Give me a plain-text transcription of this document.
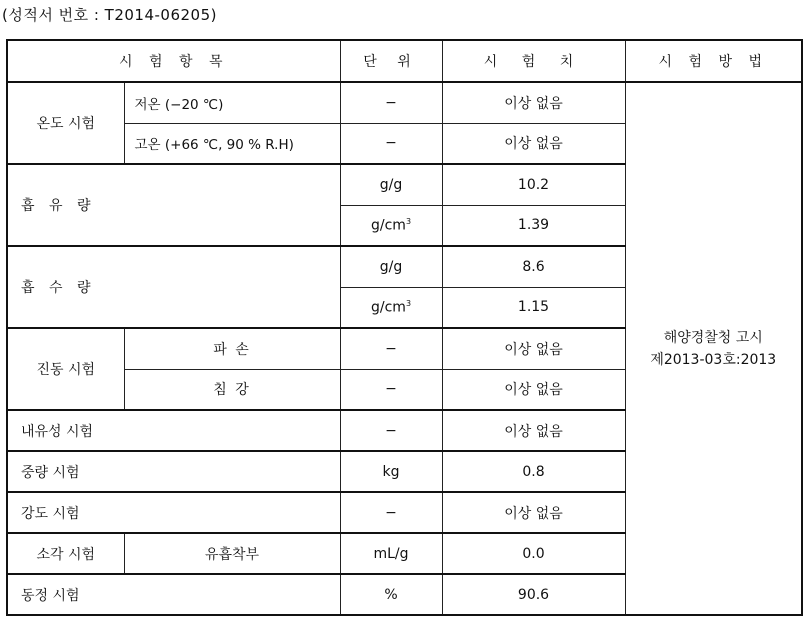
(성적서 번호 : T2014-06205)
시 험 항 목		단 위	시 험 치	시 험 방 법
온도 시험	저온 (−20 ℃)	−	이상 없음	해양경찰청 고시
제2013-03호:2013

	고온 (+66 ℃, 90 % R.H)	−	이상 없음	
흡 유 량		g/g	10.2	
		$g/cm^3$	1.39	
흡 수 량		g/g	8.6	
		$g/cm^3$	1.15	
진동 시험	파 손	−	이상 없음	
	침 강	−	이상 없음	
내유성 시험		−	이상 없음	
중량 시험		kg	0.8	
강도 시험		−	이상 없음	
소각 시험	유흡착부	mL/g	0.0	
동정 시험		%	90.6	
